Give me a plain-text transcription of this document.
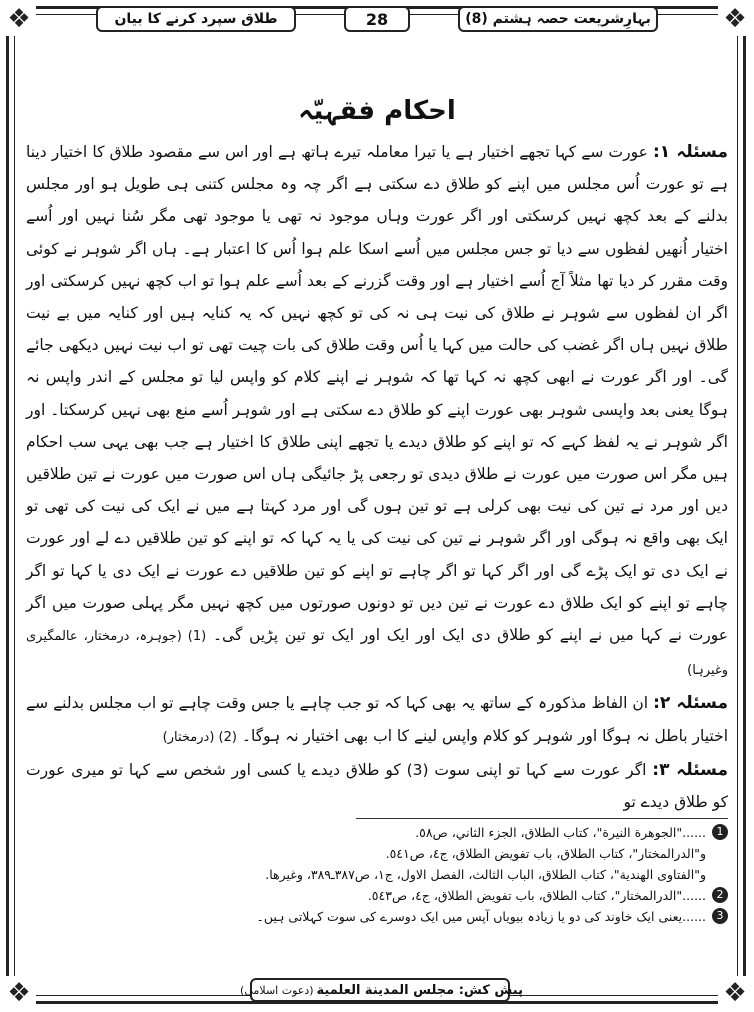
❖	❖
❖	❖
بہارِشریعت حصہ ہشتم (8)
28
طلاق سپرد کرنے کا بیان
احکام فقہیّہ

مسئلہ ۱: عورت سے کہا تجھے اختیار ہے یا تیرا معاملہ تیرے ہاتھ ہے اور اس سے مقصود طلاق کا اختیار دینا ہے تو عورت اُس مجلس میں اپنے کو طلاق دے سکتی ہے اگر چہ وہ مجلس کتنی ہی طویل ہو اور مجلس بدلنے کے بعد کچھ نہیں کرسکتی اور اگر عورت وہاں موجود نہ تھی یا موجود تھی مگر سُنا نہیں اور اُسے اختیار اُنھیں لفظوں سے دیا تو جس مجلس میں اُسے اسکا علم ہوا اُس کا اعتبار ہے۔ ہاں اگر شوہر نے کوئی وقت مقرر کر دیا تھا مثلاً آج اُسے اختیار ہے اور وقت گزرنے کے بعد اُسے علم ہوا تو اب کچھ نہیں کرسکتی اور اگر ان لفظوں سے شوہر نے طلاق کی نیت ہی نہ کی تو کچھ نہیں کہ یہ کنایہ ہیں اور کنایہ میں بے نیت طلاق نہیں ہاں اگر غضب کی حالت میں کہا یا اُس وقت طلاق کی بات چیت تھی تو اب نیت نہیں دیکھی جائے گی۔ اور اگر عورت نے ابھی کچھ نہ کہا تھا کہ شوہر نے اپنے کلام کو واپس لیا تو مجلس کے اندر واپس نہ ہوگا یعنی بعد واپسی شوہر بھی عورت اپنے کو طلاق دے سکتی ہے اور شوہر اُسے منع بھی نہیں کرسکتا۔ اور اگر شوہر نے یہ لفظ کہے کہ تو اپنے کو طلاق دیدے یا تجھے اپنی طلاق کا اختیار ہے جب بھی یہی سب احکام ہیں مگر اس صورت میں عورت نے طلاق دیدی تو رجعی پڑ جائیگی ہاں اس صورت میں عورت نے تین طلاقیں دیں اور مرد نے تین کی نیت بھی کرلی ہے تو تین ہوں گی اور مرد کہتا ہے میں نے ایک کی نیت کی تھی تو ایک بھی واقع نہ ہوگی اور اگر شوہر نے تین کی نیت کی یا یہ کہا کہ تو اپنے کو تین طلاقیں دے لے اور عورت نے ایک دی تو ایک پڑے گی اور اگر کہا تو اگر چاہے تو اپنے کو تین طلاقیں دے عورت نے ایک دی یا کہا تو اگر چاہے تو اپنے کو ایک طلاق دے عورت نے تین دیں تو دونوں صورتوں میں کچھ نہیں مگر پہلی صورت میں اگر عورت نے کہا میں نے اپنے کو طلاق دی ایک اور ایک اور ایک تو تین پڑیں گی۔ (1) (جوہرہ، درمختار، عالمگیری وغیرہا)

مسئلہ ۲: ان الفاظ مذکورہ کے ساتھ یہ بھی کہا کہ تو جب چاہے یا جس وقت چاہے تو اب مجلس بدلنے سے اختیار باطل نہ ہوگا اور شوہر کو کلام واپس لینے کا اب بھی اختیار نہ ہوگا۔ (2) (درمختار)

مسئلہ ۳: اگر عورت سے کہا تو اپنی سوت (3) کو طلاق دیدے یا کسی اور شخص سے کہا تو میری عورت کو طلاق دیدے تو

1
......"الجوهرة النيرة"، كتاب الطلاق، الجزء الثاني، ص٥٨.

و"الدرالمختار"، كتاب الطلاق، باب تفويض الطلاق، ج٤، ص٥٤١.

و"الفتاوى الهندية"، كتاب الطلاق، الباب الثالث، الفصل الاول، ج١، ص٣٨٧ـ٣٨٩، وغيرها.

2
......"الدرالمختار"، كتاب الطلاق، باب تفويض الطلاق، ج٤، ص٥٤٣.

3
......یعنی ایک خاوند کی دو یا زیادہ بیویاں آپس میں ایک دوسرے کی سوت کہلاتی ہیں۔

پیش کش:

مجلس المدينة العلمية
(دعوت اسلامی)
